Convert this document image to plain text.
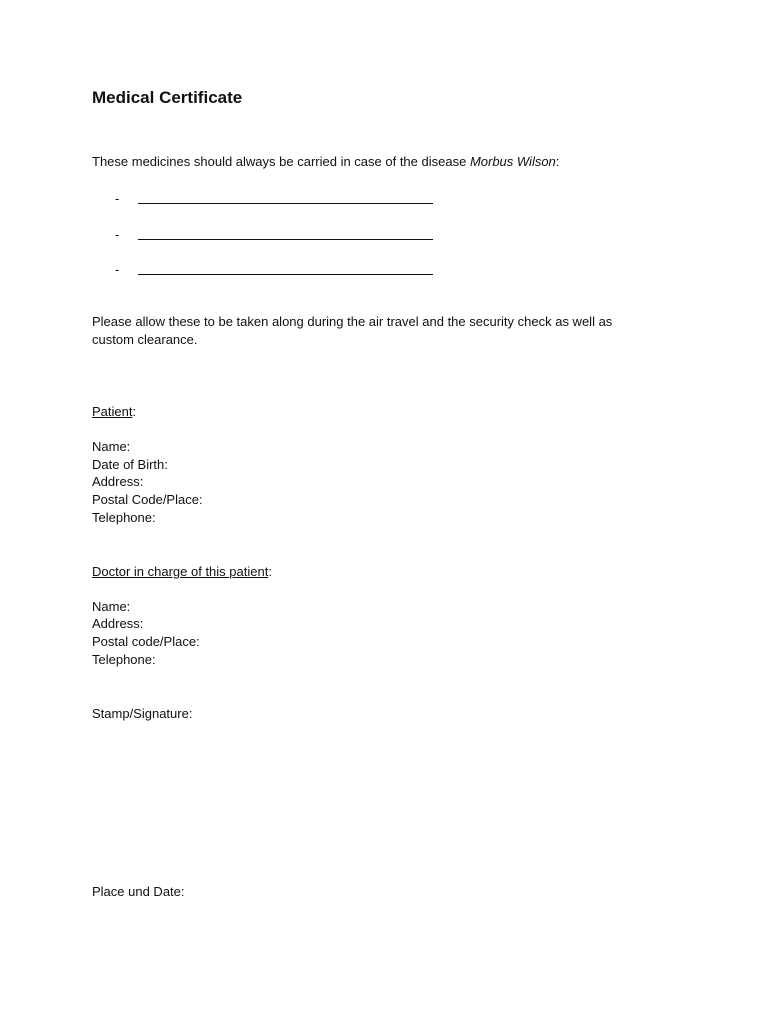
Medical Certificate

These medicines should always be carried in case of the disease Morbus Wilson:

-
-
-

Please allow these to be taken along during the air travel and the security check as well as

custom clearance.

Patient:

Name:
Date of Birth:
Address:
Postal Code/Place:
Telephone:

Doctor in charge of this patient:

Name:
Address:
Postal code/Place:
Telephone:
Stamp/Signature:
Place und Date:
